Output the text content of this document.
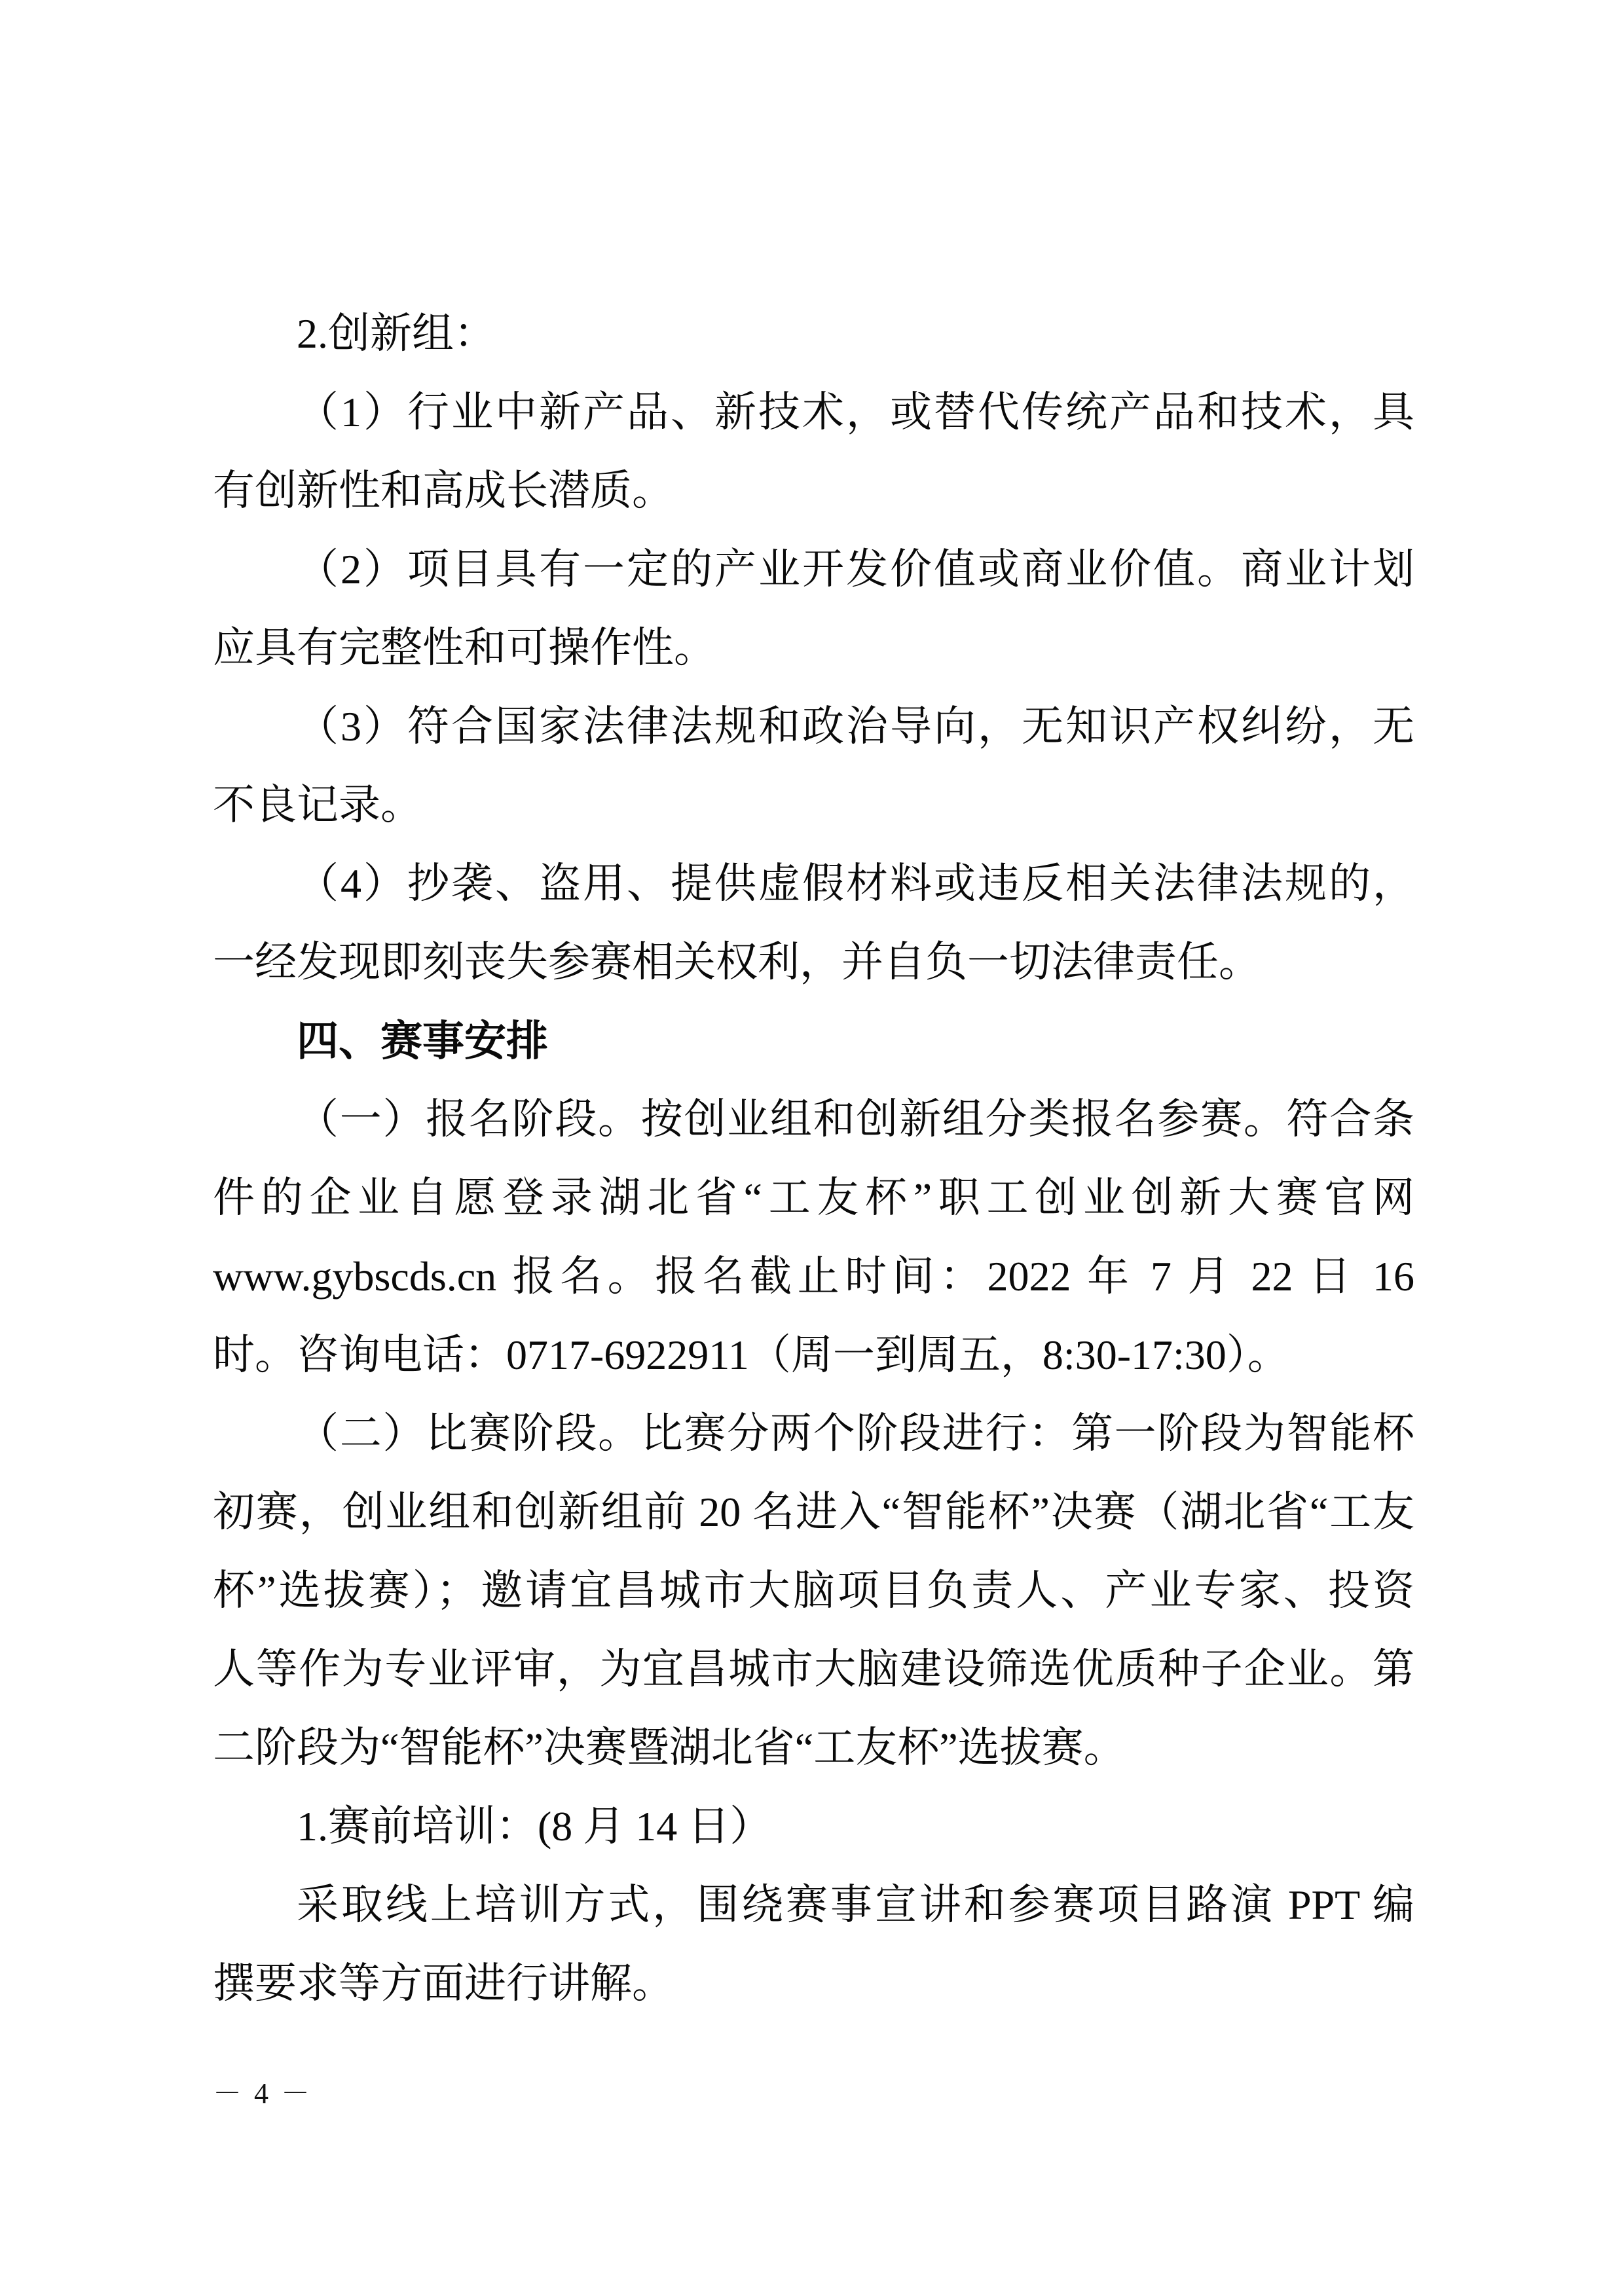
2.创新组：
（1）行业中新产品、新技术，或替代传统产品和技术，具
有创新性和高成长潜质。
（2）项目具有一定的产业开发价值或商业价值。商业计划
应具有完整性和可操作性。
（3）符合国家法律法规和政治导向，无知识产权纠纷，无
不良记录。
（4）抄袭、盗用、提供虚假材料或违反相关法律法规的，
一经发现即刻丧失参赛相关权利，并自负一切法律责任。
四、赛事安排
（一）报名阶段。按创业组和创新组分类报名参赛。符合条
件的企业自愿登录湖北省“工友杯”职工创业创新大赛官网
www.gybscds.cn 报名。报名截止时间：2022 年 7 月 22 日 16
时。咨询电话：0717-6922911（周一到周五，8:30-17:30）。
（二）比赛阶段。比赛分两个阶段进行：第一阶段为智能杯
初赛，创业组和创新组前 20 名进入“智能杯”决赛（湖北省“工友
杯”选拔赛）；邀请宜昌城市大脑项目负责人、产业专家、投资
人等作为专业评审，为宜昌城市大脑建设筛选优质种子企业。第
二阶段为“智能杯”决赛暨湖北省“工友杯”选拔赛。
1.赛前培训：(8 月 14 日）
采取线上培训方式，围绕赛事宣讲和参赛项目路演 PPT 编
撰要求等方面进行讲解。
－ 4 －
